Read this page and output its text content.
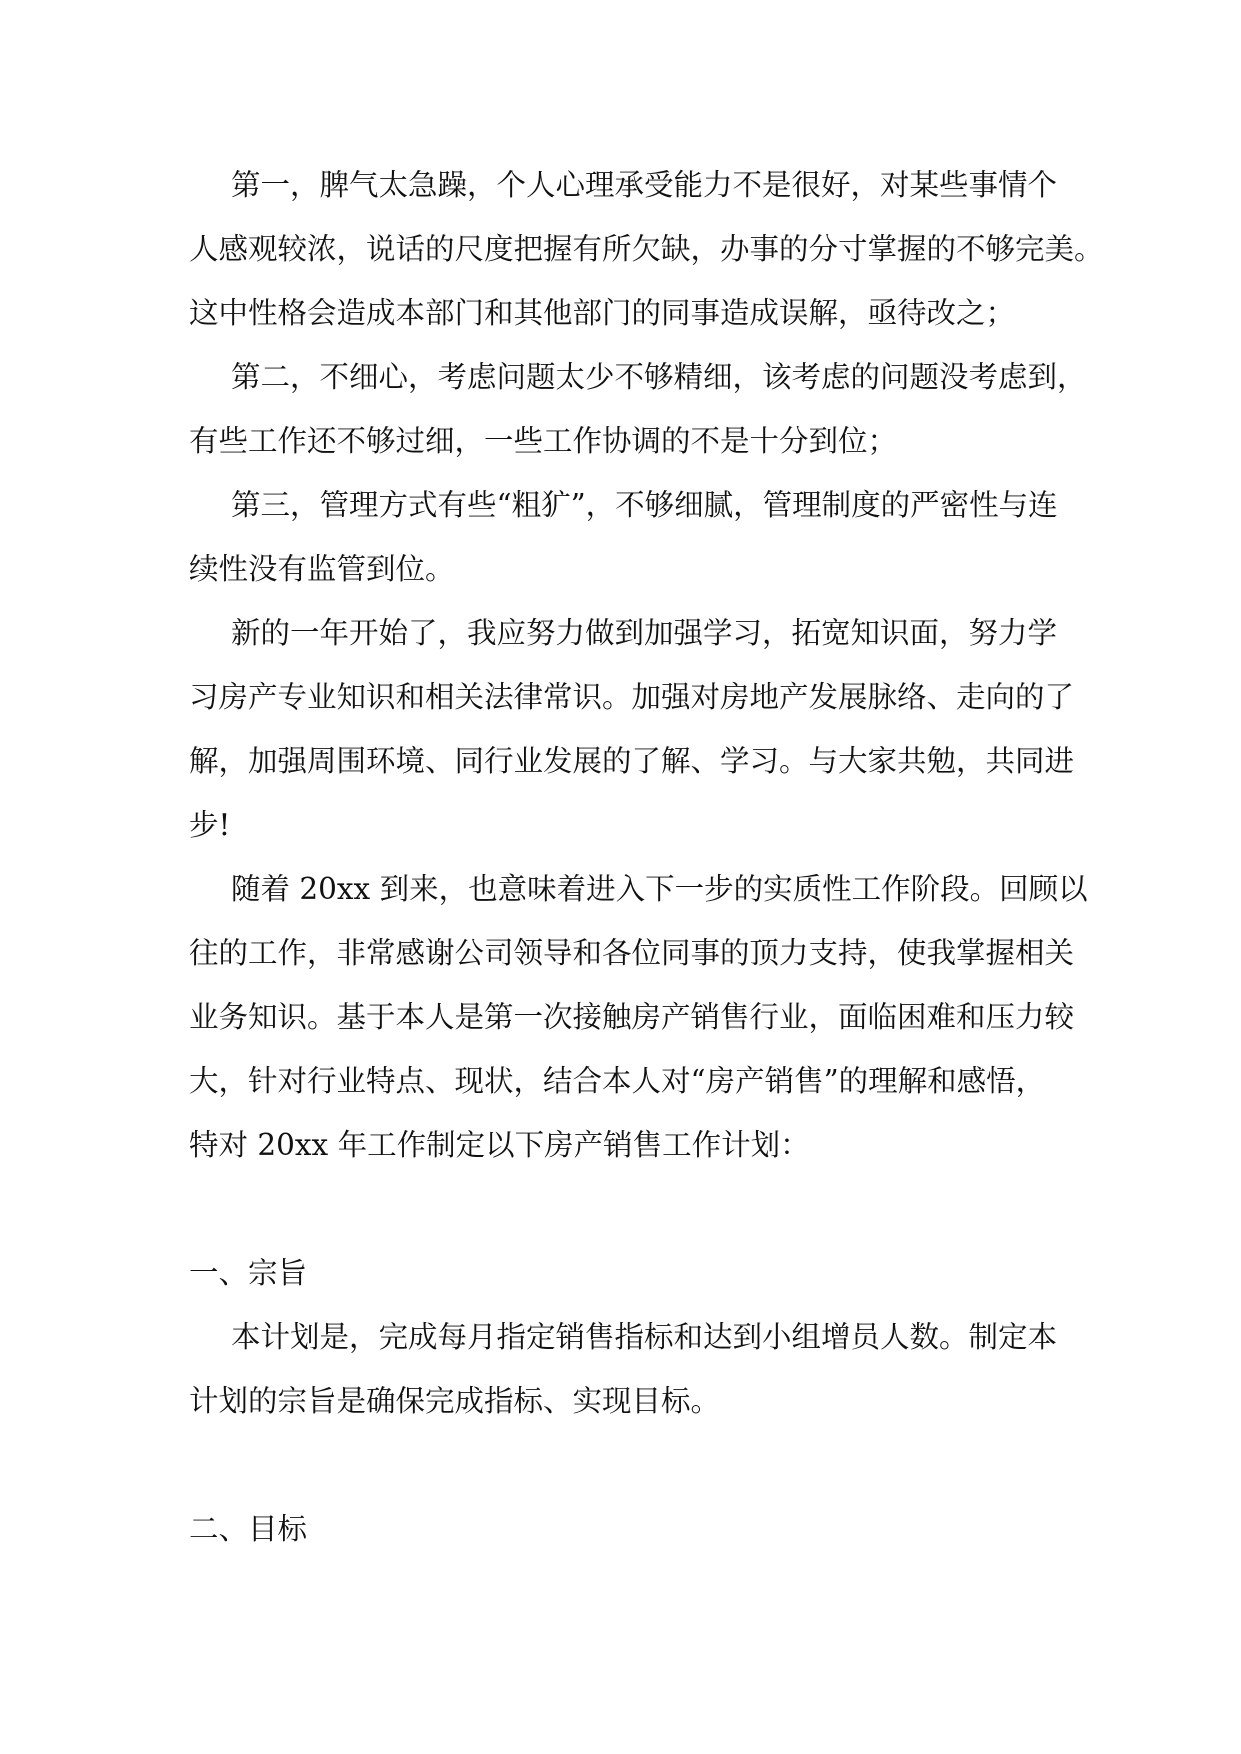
第一，脾气太急躁，个人心理承受能力不是很好，对某些事情个
人感观较浓，说话的尺度把握有所欠缺，办事的分寸掌握的不够完美。
这中性格会造成本部门和其他部门的同事造成误解，亟待改之；
第二，不细心，考虑问题太少不够精细，该考虑的问题没考虑到，
有些工作还不够过细，一些工作协调的不是十分到位；
第三，管理方式有些“粗犷”，不够细腻，管理制度的严密性与连
续性没有监管到位。
新的一年开始了，我应努力做到加强学习，拓宽知识面，努力学
习房产专业知识和相关法律常识。加强对房地产发展脉络、走向的了
解，加强周围环境、同行业发展的了解、学习。与大家共勉，共同进
步!
随着 20xx 到来，也意味着进入下一步的实质性工作阶段。回顾以
往的工作，非常感谢公司领导和各位同事的顶力支持，使我掌握相关
业务知识。基于本人是第一次接触房产销售行业，面临困难和压力较
大，针对行业特点、现状，结合本人对“房产销售”的理解和感悟，
特对 20xx 年工作制定以下房产销售工作计划：
一、宗旨
本计划是，完成每月指定销售指标和达到小组增员人数。制定本
计划的宗旨是确保完成指标、实现目标。
二、目标
